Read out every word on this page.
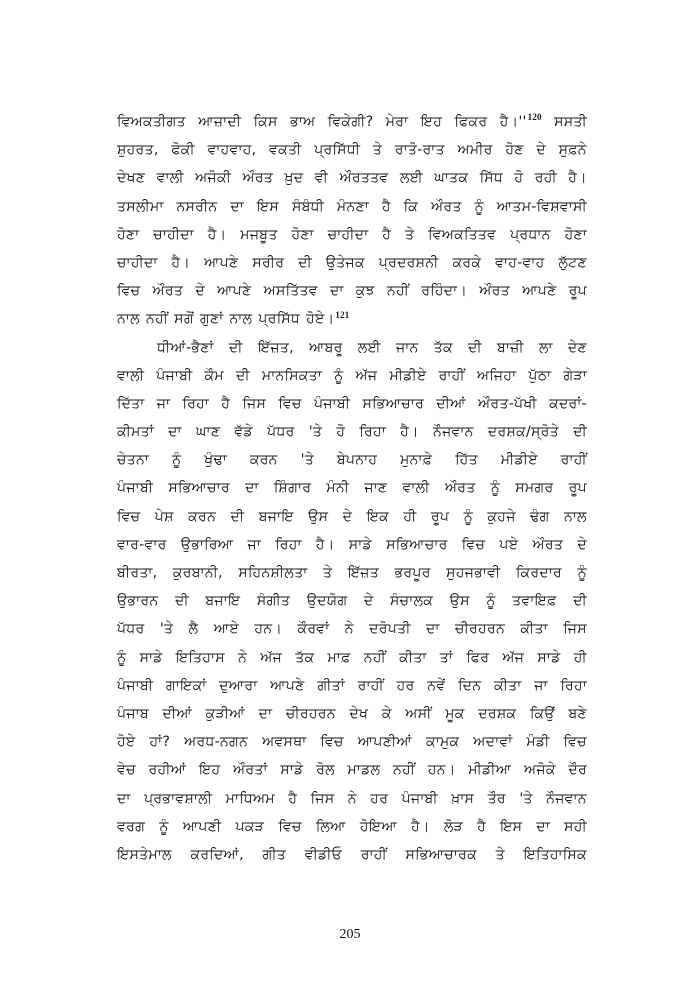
ਵਿਅਕਤੀਗਤ ਆਜ਼ਾਦੀ ਕਿਸ ਭਾਅ ਵਿਕੇਗੀ? ਮੇਰਾ ਇਹ ਫਿਕਰ ਹੈ।''$^{120}$ ਸਸਤੀ
ਸ਼ੁਹਰਤ, ਫੋਕੀ ਵਾਹਵਾਹ, ਵਕਤੀ ਪ੍ਰਸਿੱਧੀ ਤੇ ਰਾਤੋ-ਰਾਤ ਅਮੀਰ ਹੋਣ ਦੇ ਸੁਫ਼ਨੇ
ਦੇਖਣ ਵਾਲੀ ਅਜੋਕੀ ਔਰਤ ਖ਼ੁਦ ਵੀ ਔਰਤਤਵ ਲਈ ਘਾਤਕ ਸਿੱਧ ਹੋ ਰਹੀ ਹੈ।
ਤਸਲੀਮਾ ਨਸਰੀਨ ਦਾ ਇਸ ਸੰਬੰਧੀ ਮੰਨਣਾ ਹੈ ਕਿ ਔਰਤ ਨੂੰ ਆਤਮ-ਵਿਸ਼ਵਾਸੀ
ਹੋਣਾ ਚਾਹੀਦਾ ਹੈ। ਮਜਬੂਤ ਹੋਣਾ ਚਾਹੀਦਾ ਹੈ ਤੇ ਵਿਅਕਤਿਤਵ ਪ੍ਰਧਾਨ ਹੋਣਾ
ਚਾਹੀਦਾ ਹੈ। ਆਪਣੇ ਸਰੀਰ ਦੀ ਉਤੇਜਕ ਪ੍ਰਦਰਸ਼ਨੀ ਕਰਕੇ ਵਾਹ-ਵਾਹ ਲੁੱਟਣ
ਵਿਚ ਔਰਤ ਦੇ ਆਪਣੇ ਅਸਤਿੱਤਵ ਦਾ ਕੁਝ ਨਹੀਂ ਰਹਿੰਦਾ। ਔਰਤ ਆਪਣੇ ਰੂਪ
ਨਾਲ ਨਹੀਂ ਸਗੋਂ ਗੁਣਾਂ ਨਾਲ ਪ੍ਰਸਿੱਧ ਹੋਏ।$^{121}$
ਧੀਆਂ-ਭੈਣਾਂ ਦੀ ਇੱਜ਼ਤ, ਆਬਰੂ ਲਈ ਜਾਨ ਤੱਕ ਦੀ ਬਾਜ਼ੀ ਲਾ ਦੇਣ
ਵਾਲੀ ਪੰਜਾਬੀ ਕੌਮ ਦੀ ਮਾਨਸਿਕਤਾ ਨੂੰ ਅੱਜ ਮੀਡੀਏ ਰਾਹੀਂ ਅਜਿਹਾ ਪੁੱਠਾ ਗੇੜਾ
ਦਿੱਤਾ ਜਾ ਰਿਹਾ ਹੈ ਜਿਸ ਵਿਚ ਪੰਜਾਬੀ ਸਭਿਆਚਾਰ ਦੀਆਂ ਔਰਤ-ਪੱਖੀ ਕਦਰਾਂ-
ਕੀਮਤਾਂ ਦਾ ਘਾਣ ਵੱਡੇ ਪੱਧਰ 'ਤੇ ਹੋ ਰਿਹਾ ਹੈ। ਨੌਜਵਾਨ ਦਰਸ਼ਕ/ਸ੍ਰੋਤੇ ਦੀ
ਚੇਤਨਾ ਨੂੰ ਖੁੰਢਾ ਕਰਨ 'ਤੇ ਬੇਪਨਾਹ ਮੁਨਾਫ਼ੇ ਹਿੱਤ ਮੀਡੀਏ ਰਾਹੀਂ
ਪੰਜਾਬੀ ਸਭਿਆਚਾਰ ਦਾ ਸ਼ਿੰਗਾਰ ਮੰਨੀ ਜਾਣ ਵਾਲੀ ਔਰਤ ਨੂੰ ਸਮਗਰ ਰੂਪ
ਵਿਚ ਪੇਸ਼ ਕਰਨ ਦੀ ਬਜਾਇ ਉਸ ਦੇ ਇਕ ਹੀ ਰੂਪ ਨੂੰ ਕੁਹਜੇ ਢੰਗ ਨਾਲ
ਵਾਰ-ਵਾਰ ਉਭਾਰਿਆ ਜਾ ਰਿਹਾ ਹੈ। ਸਾਡੇ ਸਭਿਆਚਾਰ ਵਿਚ ਪਏ ਔਰਤ ਦੇ
ਬੀਰਤਾ, ਕੁਰਬਾਨੀ, ਸਹਿਨਸ਼ੀਲਤਾ ਤੇ ਇੱਜ਼ਤ ਭਰਪੂਰ ਸੁਹਜਭਾਵੀ ਕਿਰਦਾਰ ਨੂੰ
ਉਭਾਰਨ ਦੀ ਬਜਾਇ ਸੰਗੀਤ ਉਦਯੋਗ ਦੇ ਸੰਚਾਲਕ ਉਸ ਨੂੰ ਤਵਾਇਫ਼ ਦੀ
ਪੱਧਰ 'ਤੇ ਲੈ ਆਏ ਹਨ। ਕੌਰਵਾਂ ਨੇ ਦਰੋਪਤੀ ਦਾ ਚੀਰਹਰਨ ਕੀਤਾ ਜਿਸ
ਨੂੰ ਸਾਡੇ ਇਤਿਹਾਸ ਨੇ ਅੱਜ ਤੱਕ ਮਾਫ਼ ਨਹੀਂ ਕੀਤਾ ਤਾਂ ਫਿਰ ਅੱਜ ਸਾਡੇ ਹੀ
ਪੰਜਾਬੀ ਗਾਇਕਾਂ ਦੁਆਰਾ ਆਪਣੇ ਗੀਤਾਂ ਰਾਹੀਂ ਹਰ ਨਵੇਂ ਦਿਨ ਕੀਤਾ ਜਾ ਰਿਹਾ
ਪੰਜਾਬ ਦੀਆਂ ਕੁੜੀਆਂ ਦਾ ਚੀਰਹਰਨ ਦੇਖ ਕੇ ਅਸੀਂ ਮੂਕ ਦਰਸ਼ਕ ਕਿਉਂ ਬਣੇ
ਹੋਏ ਹਾਂ? ਅਰਧ-ਨਗਨ ਅਵਸਥਾ ਵਿਚ ਆਪਣੀਆਂ ਕਾਮੁਕ ਅਦਾਵਾਂ ਮੰਡੀ ਵਿਚ
ਵੇਚ ਰਹੀਆਂ ਇਹ ਔਰਤਾਂ ਸਾਡੇ ਰੋਲ ਮਾਡਲ ਨਹੀਂ ਹਨ। ਮੀਡੀਆ ਅਜੋਕੇ ਦੌਰ
ਦਾ ਪ੍ਰਭਾਵਸ਼ਾਲੀ ਮਾਧਿਅਮ ਹੈ ਜਿਸ ਨੇ ਹਰ ਪੰਜਾਬੀ ਖ਼ਾਸ ਤੌਰ 'ਤੇ ਨੌਜਵਾਨ
ਵਰਗ ਨੂੰ ਆਪਣੀ ਪਕੜ ਵਿਚ ਲਿਆ ਹੋਇਆ ਹੈ। ਲੋੜ ਹੈ ਇਸ ਦਾ ਸਹੀ
ਇਸਤੇਮਾਲ ਕਰਦਿਆਂ, ਗੀਤ ਵੀਡੀਓ ਰਾਹੀਂ ਸਭਿਆਚਾਰਕ ਤੇ ਇਤਿਹਾਸਿਕ
205
